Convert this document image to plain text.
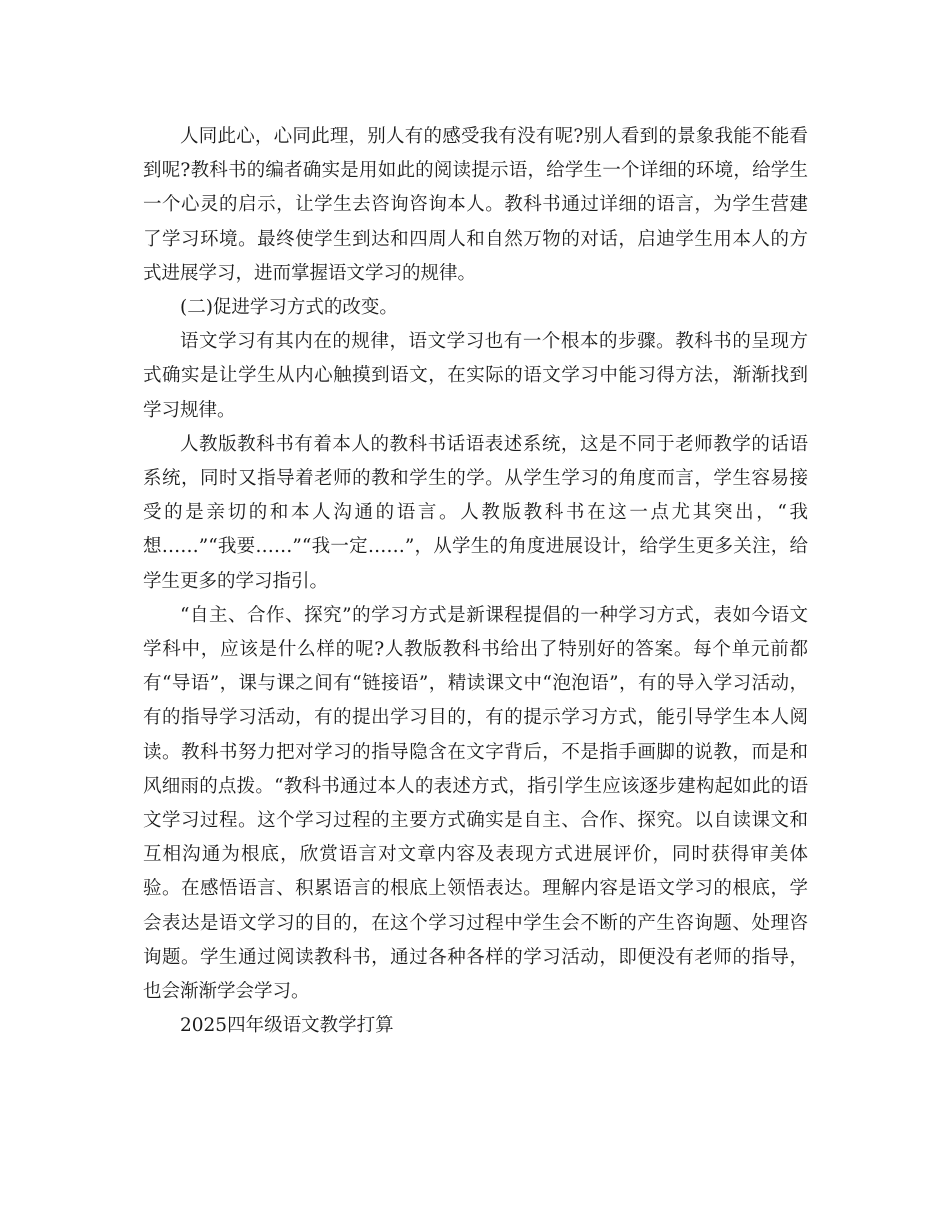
人同此心，心同此理，别人有的感受我有没有呢?别人看到的景象我能不能看到呢?教科书的编者确实是用如此的阅读提示语，给学生一个详细的环境，给学生一个心灵的启示，让学生去咨询咨询本人。教科书通过详细的语言，为学生营建了学习环境。最终使学生到达和四周人和自然万物的对话，启迪学生用本人的方式进展学习，进而掌握语文学习的规律。

(二)促进学习方式的改变。

语文学习有其内在的规律，语文学习也有一个根本的步骤。教科书的呈现方式确实是让学生从内心触摸到语文，在实际的语文学习中能习得方法，渐渐找到学习规律。

人教版教科书有着本人的教科书话语表述系统，这是不同于老师教学的话语系统，同时又指导着老师的教和学生的学。从学生学习的角度而言，学生容易接受的是亲切的和本人沟通的语言。人教版教科书在这一点尤其突出，“我想……”“我要……”“我一定……”，从学生的角度进展设计，给学生更多关注，给学生更多的学习指引。

“自主、合作、探究”的学习方式是新课程提倡的一种学习方式，表如今语文学科中，应该是什么样的呢?人教版教科书给出了特别好的答案。每个单元前都有“导语”，课与课之间有“链接语”，精读课文中“泡泡语”，有的导入学习活动，有的指导学习活动，有的提出学习目的，有的提示学习方式，能引导学生本人阅读。教科书努力把对学习的指导隐含在文字背后，不是指手画脚的说教，而是和风细雨的点拨。“教科书通过本人的表述方式，指引学生应该逐步建构起如此的语文学习过程。这个学习过程的主要方式确实是自主、合作、探究。以自读课文和互相沟通为根底，欣赏语言对文章内容及表现方式进展评价，同时获得审美体验。在感悟语言、积累语言的根底上领悟表达。理解内容是语文学习的根底，学会表达是语文学习的目的，在这个学习过程中学生会不断的产生咨询题、处理咨询题。学生通过阅读教科书，通过各种各样的学习活动，即便没有老师的指导，也会渐渐学会学习。

2025四年级语文教学打算
